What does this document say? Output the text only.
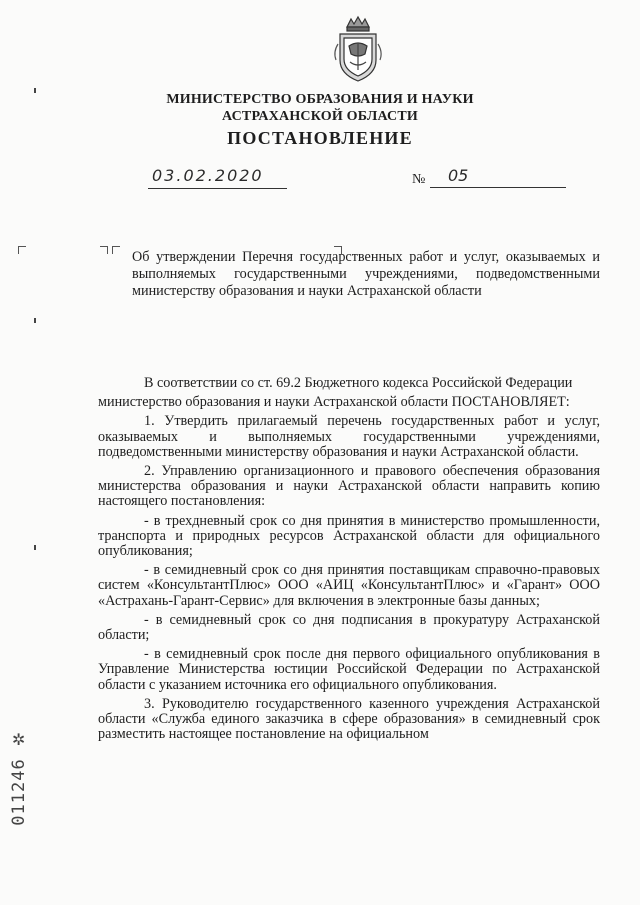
МИНИСТЕРСТВО ОБРАЗОВАНИЯ И НАУКИ
АСТРАХАНСКОЙ ОБЛАСТИ
ПОСТАНОВЛЕНИЕ
03.02.2020	№	05
Об утверждении Перечня государственных работ и услуг, оказываемых и выполняемых государственными учреждениями, подведомственными министерству образования и науки Астраханской области

В соответствии со ст. 69.2 Бюджетного кодекса Российской Федерации

министерство образования и науки Астраханской области ПОСТАНОВЛЯЕТ:

1. Утвердить прилагаемый перечень государственных работ и услуг, оказываемых и выполняемых государственными учреждениями, подведомственными министерству образования и науки Астраханской области.

2. Управлению организационного и правового обеспечения образования министерства образования и науки Астраханской области направить копию настоящего постановления:

- в трехдневный срок со дня принятия в министерство промышленности, транспорта и природных ресурсов Астраханской области для официального опубликования;

- в семидневный срок со дня принятия поставщикам справочно-правовых систем «КонсультантПлюс» ООО «АИЦ «КонсультантПлюс» и «Гарант» ООО «Астрахань-Гарант-Сервис» для включения в электронные базы данных;

- в семидневный срок со дня подписания в прокуратуру Астраханской области;

- в семидневный срок после дня первого официального опубликования в Управление Министерства юстиции Российской Федерации по Астраханской области с указанием источника его официального опубликования.

3. Руководителю государственного казенного учреждения Астраханской области «Служба единого заказчика в сфере образования» в семидневный срок разместить настоящее постановление на официальном

✲
011246
